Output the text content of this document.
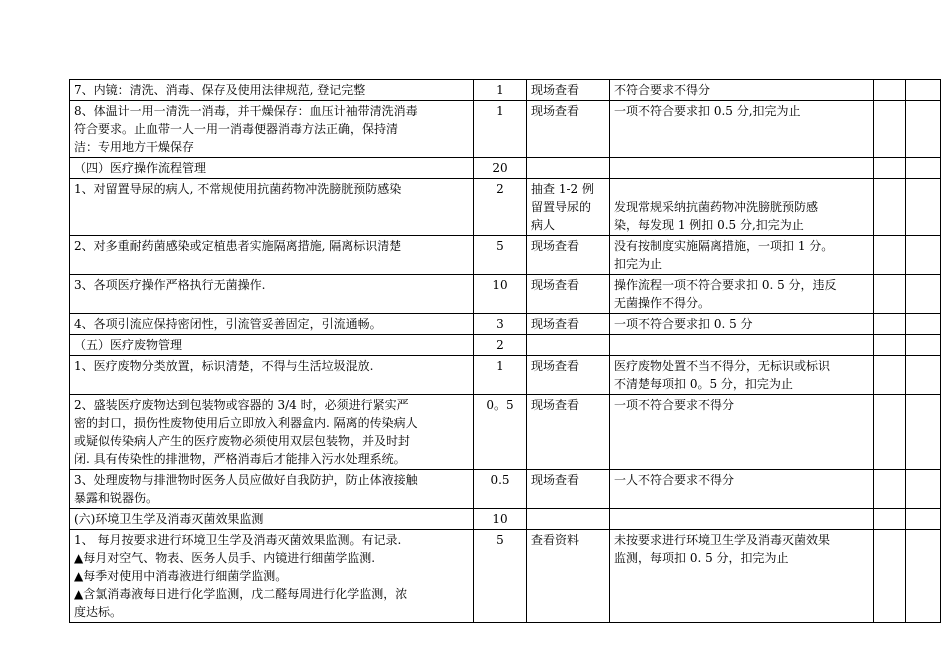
7、内镜：清洗、消毒、保存及使用法律规范, 登记完整	1	现场查看	不符合要求不得分		

8、体温计一用一清洗一消毒，并干燥保存：血压计袖带清洗消毒
符合要求。止血带一人一用一消毒便器消毒方法正确，保持清
洁：专用地方干燥保存	1	现场查看	一项不符合要求扣 0.5 分,扣完为止		

（四）医疗操作流程管理	20				

1、对留置导尿的病人, 不常规使用抗菌药物冲洗膀胱预防感染	2	抽查 1-2 例
留置导尿的
病人	发现常规采纳抗菌药物冲洗膀胱预防感
染，每发现 1 例扣 0.5 分,扣完为止		

2、对多重耐药菌感染或定植患者实施隔离措施, 隔离标识清楚	5	现场查看	没有按制度实施隔离措施，一项扣 1 分。
扣完为止		

3、各项医疗操作严格执行无菌操作.	10	现场查看	操作流程一项不符合要求扣 0. 5 分，违反
无菌操作不得分。		

4、各项引流应保持密闭性，引流管妥善固定，引流通畅。	3	现场查看	一项不符合要求扣 0. 5 分		

（五）医疗废物管理	2				

1、医疗废物分类放置，标识清楚，不得与生活垃圾混放.	1	现场查看	医疗废物处置不当不得分，无标识或标识
不清楚每项扣 0。5 分，扣完为止		

2、盛装医疗废物达到包装物或容器的 3/4 时，必须进行紧实严
密的封口，损伤性废物使用后立即放入利器盒内. 隔离的传染病人
或疑似传染病人产生的医疗废物必须使用双层包装物，并及时封
闭. 具有传染性的排泄物，严格消毒后才能排入污水处理系统。	0。5	现场查看	一项不符合要求不得分		

3、处理废物与排泄物时医务人员应做好自我防护，防止体液接触
暴露和锐器伤。	0.5	现场查看	一人不符合要求不得分		

(六)环境卫生学及消毒灭菌效果监测	10				

1、 每月按要求进行环境卫生学及消毒灭菌效果监测。有记录.
▲每月对空气、物表、医务人员手、内镜进行细菌学监测.
▲每季对使用中消毒液进行细菌学监测。
▲含氯消毒液每日进行化学监测，戊二醛每周进行化学监测，浓
度达标。	5	查看资料	未按要求进行环境卫生学及消毒灭菌效果
监测，每项扣 0. 5 分，扣完为止		
